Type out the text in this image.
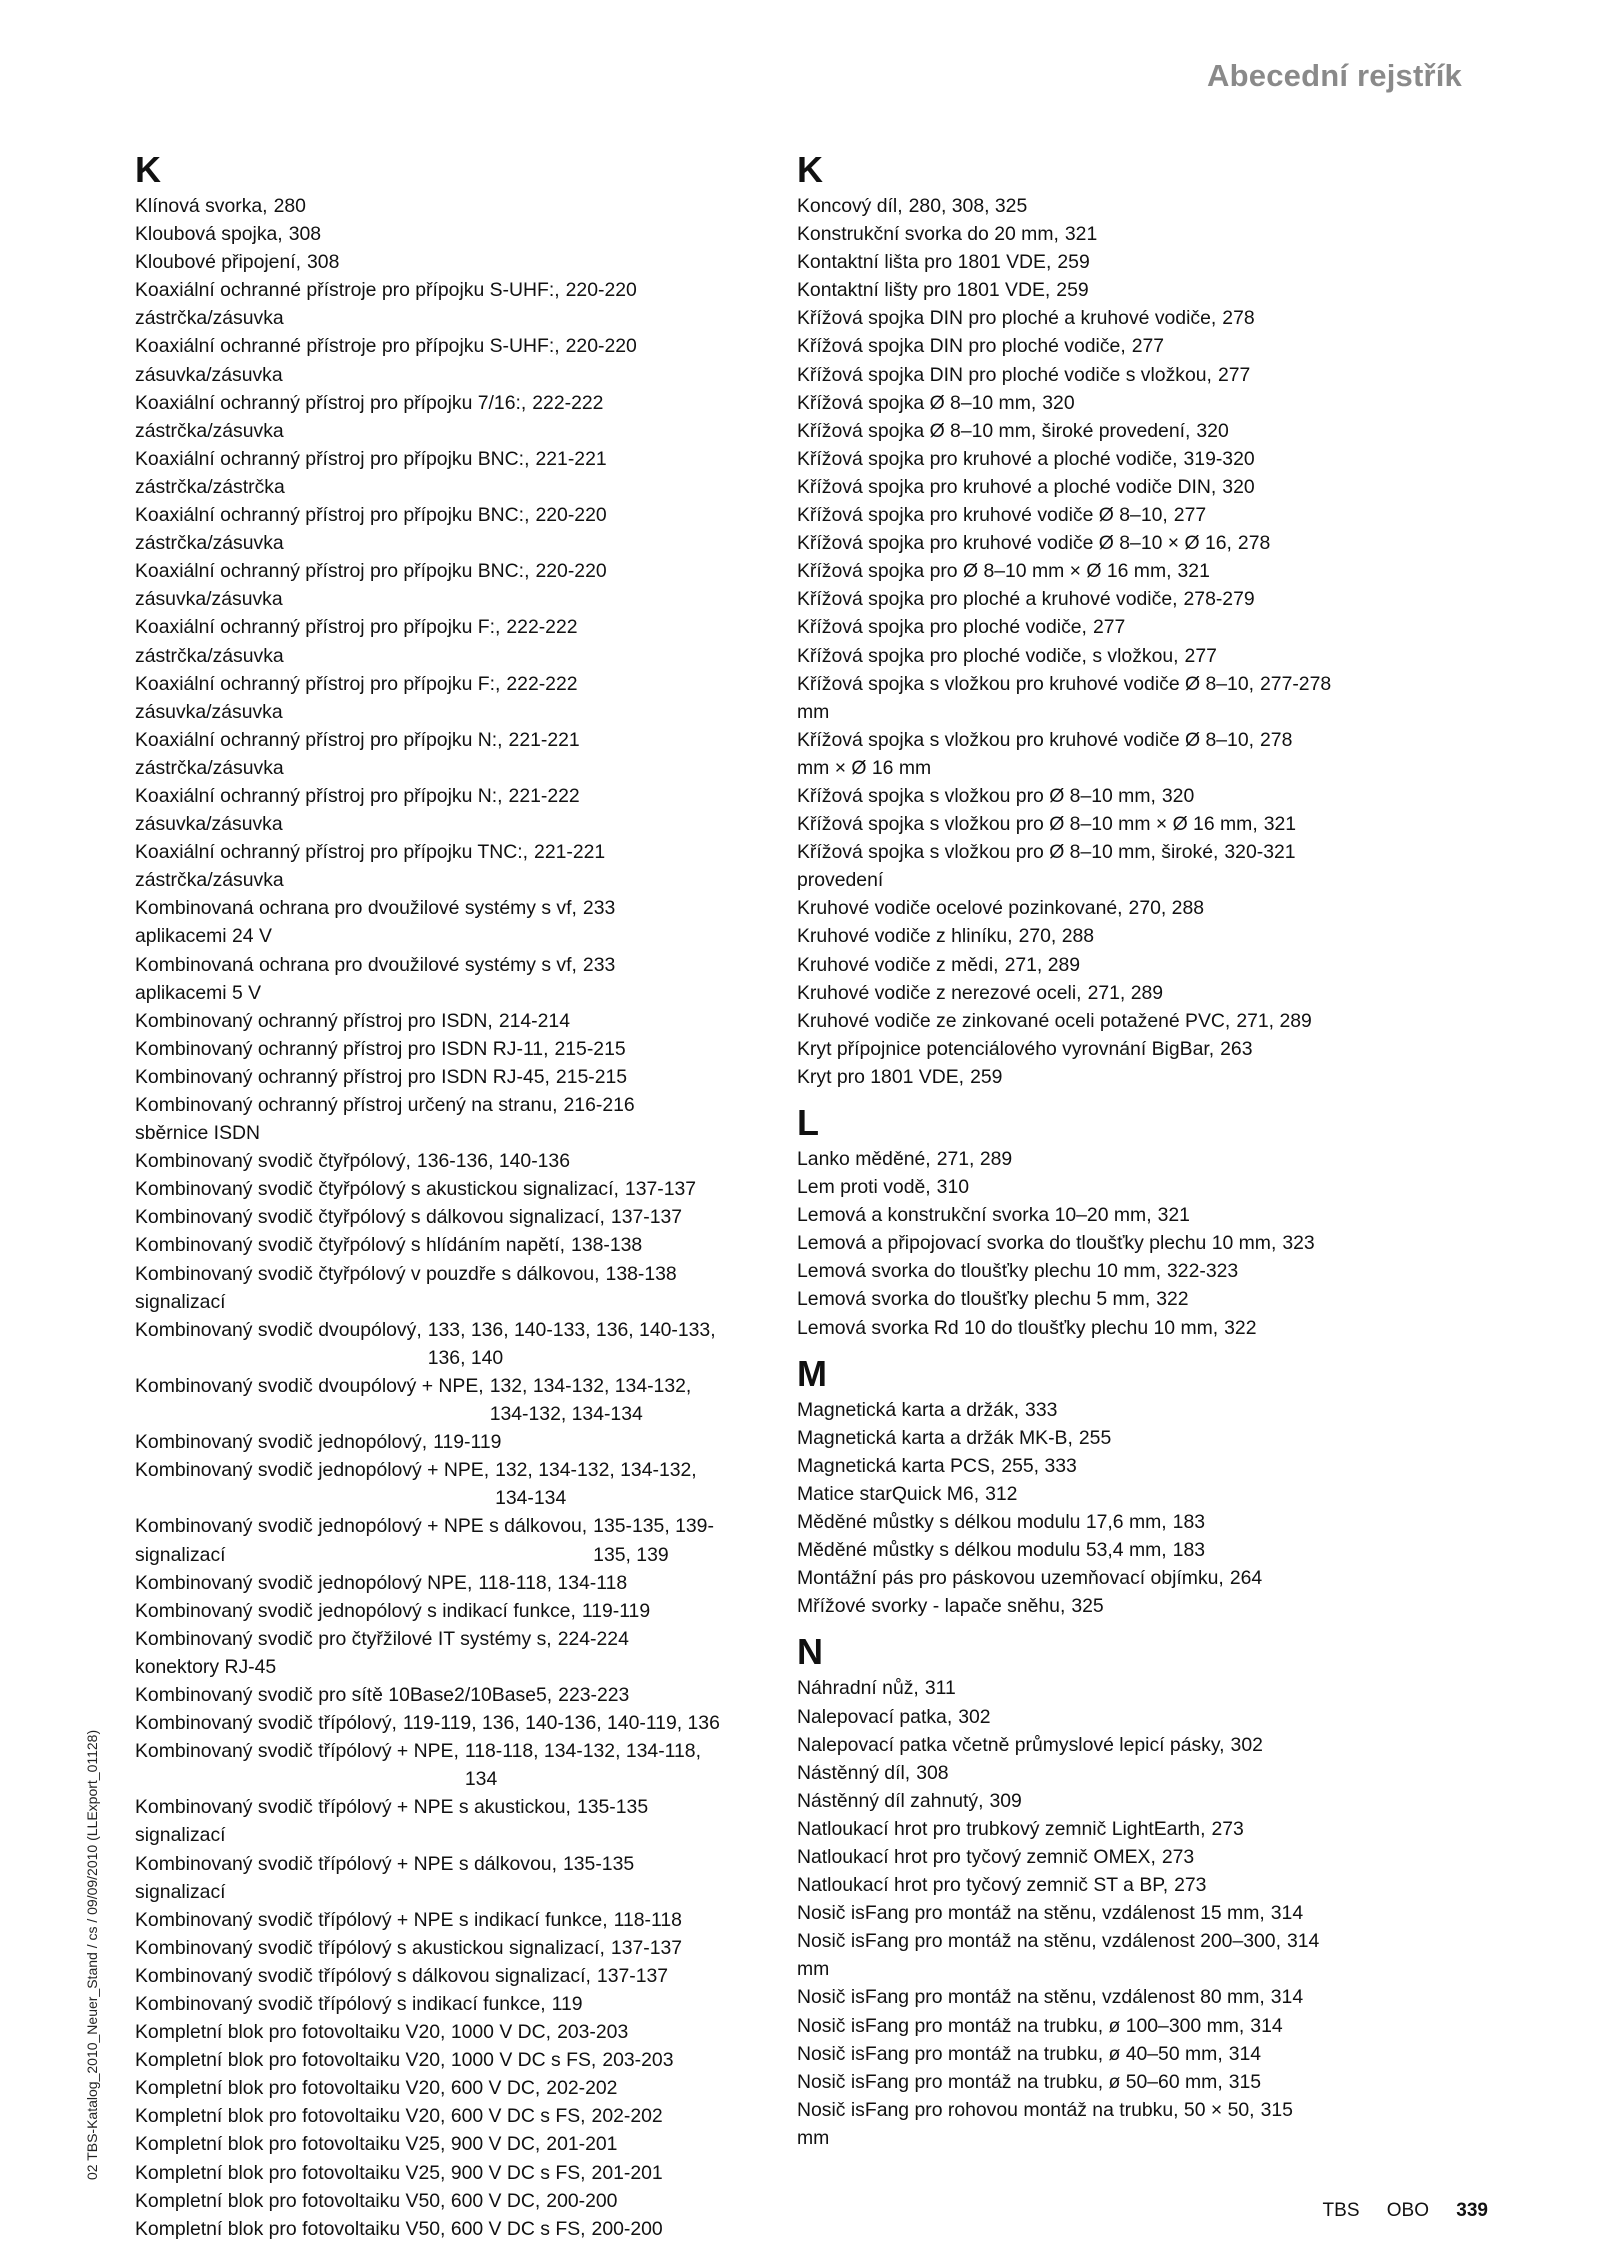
Abecední rejstřík
02 TBS-Katalog_2010_Neuer_Stand / cs / 09/09/2010 (LLExport_01128)
K
Klínová svorka, 280
Kloubová spojka, 308
Kloubové připojení, 308
Koaxiální ochranné přístroje pro přípojku S-UHF:, 220-220
zástrčka/zásuvka
Koaxiální ochranné přístroje pro přípojku S-UHF:, 220-220
zásuvka/zásuvka
Koaxiální ochranný přístroj pro přípojku 7/16:, 222-222
zástrčka/zásuvka
Koaxiální ochranný přístroj pro přípojku BNC:, 221-221
zástrčka/zástrčka
Koaxiální ochranný přístroj pro přípojku BNC:, 220-220
zástrčka/zásuvka
Koaxiální ochranný přístroj pro přípojku BNC:, 220-220
zásuvka/zásuvka
Koaxiální ochranný přístroj pro přípojku F:, 222-222
zástrčka/zásuvka
Koaxiální ochranný přístroj pro přípojku F:, 222-222
zásuvka/zásuvka
Koaxiální ochranný přístroj pro přípojku N:, 221-221
zástrčka/zásuvka
Koaxiální ochranný přístroj pro přípojku N:, 221-222
zásuvka/zásuvka
Koaxiální ochranný přístroj pro přípojku TNC:, 221-221
zástrčka/zásuvka
Kombinovaná ochrana pro dvoužilové systémy s vf, 233
aplikacemi 24 V
Kombinovaná ochrana pro dvoužilové systémy s vf, 233
aplikacemi 5 V
Kombinovaný ochranný přístroj pro ISDN, 214-214
Kombinovaný ochranný přístroj pro ISDN RJ-11, 215-215
Kombinovaný ochranný přístroj pro ISDN RJ-45, 215-215
Kombinovaný ochranný přístroj určený na stranu, 216-216
sběrnice ISDN
Kombinovaný svodič čtyřpólový, 136-136, 140-136
Kombinovaný svodič čtyřpólový s akustickou signalizací, 137-137
Kombinovaný svodič čtyřpólový s dálkovou signalizací, 137-137
Kombinovaný svodič čtyřpólový s hlídáním napětí, 138-138
Kombinovaný svodič čtyřpólový v pouzdře s dálkovou, 138-138
signalizací
Kombinovaný svodič dvoupólový, 133, 136, 140-133, 136, 140-133,
136, 140
Kombinovaný svodič dvoupólový + NPE, 132, 134-132, 134-132,
134-132, 134-134
Kombinovaný svodič jednopólový, 119-119
Kombinovaný svodič jednopólový + NPE, 132, 134-132, 134-132,
134-134
Kombinovaný svodič jednopólový + NPE s dálkovou, 135-135, 139-
signalizací	135, 139
Kombinovaný svodič jednopólový NPE, 118-118, 134-118
Kombinovaný svodič jednopólový s indikací funkce, 119-119
Kombinovaný svodič pro čtyřžilové IT systémy s, 224-224
konektory RJ-45
Kombinovaný svodič pro sítě 10Base2/10Base5, 223-223
Kombinovaný svodič třípólový, 119-119, 136, 140-136, 140-119, 136
Kombinovaný svodič třípólový + NPE, 118-118, 134-132, 134-118,
134
Kombinovaný svodič třípólový + NPE s akustickou, 135-135
signalizací
Kombinovaný svodič třípólový + NPE s dálkovou, 135-135
signalizací
Kombinovaný svodič třípólový + NPE s indikací funkce, 118-118
Kombinovaný svodič třípólový s akustickou signalizací, 137-137
Kombinovaný svodič třípólový s dálkovou signalizací, 137-137
Kombinovaný svodič třípólový s indikací funkce, 119
Kompletní blok pro fotovoltaiku V20, 1000 V DC, 203-203
Kompletní blok pro fotovoltaiku V20, 1000 V DC s FS, 203-203
Kompletní blok pro fotovoltaiku V20, 600 V DC, 202-202
Kompletní blok pro fotovoltaiku V20, 600 V DC s FS, 202-202
Kompletní blok pro fotovoltaiku V25, 900 V DC, 201-201
Kompletní blok pro fotovoltaiku V25, 900 V DC s FS, 201-201
Kompletní blok pro fotovoltaiku V50, 600 V DC, 200-200
Kompletní blok pro fotovoltaiku V50, 600 V DC s FS, 200-200
K
Koncový díl, 280, 308, 325
Konstrukční svorka do 20 mm, 321
Kontaktní lišta pro 1801 VDE, 259
Kontaktní lišty pro 1801 VDE, 259
Křížová spojka DIN pro ploché a kruhové vodiče, 278
Křížová spojka DIN pro ploché vodiče, 277
Křížová spojka DIN pro ploché vodiče s vložkou, 277
Křížová spojka Ø 8–10 mm, 320
Křížová spojka Ø 8–10 mm, široké provedení, 320
Křížová spojka pro kruhové a ploché vodiče, 319-320
Křížová spojka pro kruhové a ploché vodiče DIN, 320
Křížová spojka pro kruhové vodiče Ø 8–10, 277
Křížová spojka pro kruhové vodiče Ø 8–10 × Ø 16, 278
Křížová spojka pro Ø 8–10 mm × Ø 16 mm, 321
Křížová spojka pro ploché a kruhové vodiče, 278-279
Křížová spojka pro ploché vodiče, 277
Křížová spojka pro ploché vodiče, s vložkou, 277
Křížová spojka s vložkou pro kruhové vodiče Ø 8–10, 277-278
mm
Křížová spojka s vložkou pro kruhové vodiče Ø 8–10, 278
mm × Ø 16 mm
Křížová spojka s vložkou pro Ø 8–10 mm, 320
Křížová spojka s vložkou pro Ø 8–10 mm × Ø 16 mm, 321
Křížová spojka s vložkou pro Ø 8–10 mm, široké, 320-321
provedení
Kruhové vodiče ocelové pozinkované, 270, 288
Kruhové vodiče z hliníku, 270, 288
Kruhové vodiče z mědi, 271, 289
Kruhové vodiče z nerezové oceli, 271, 289
Kruhové vodiče ze zinkované oceli potažené PVC, 271, 289
Kryt přípojnice potenciálového vyrovnání BigBar, 263
Kryt pro 1801 VDE, 259
L
Lanko měděné, 271, 289
Lem proti vodě, 310
Lemová a konstrukční svorka 10–20 mm, 321
Lemová a připojovací svorka do tloušťky plechu 10 mm, 323
Lemová svorka do tloušťky plechu 10 mm, 322-323
Lemová svorka do tloušťky plechu 5 mm, 322
Lemová svorka Rd 10 do tloušťky plechu 10 mm, 322
M
Magnetická karta a držák, 333
Magnetická karta a držák MK-B, 255
Magnetická karta PCS, 255, 333
Matice starQuick M6, 312
Měděné můstky s délkou modulu 17,6 mm, 183
Měděné můstky s délkou modulu 53,4 mm, 183
Montážní pás pro páskovou uzemňovací objímku, 264
Mřížové svorky - lapače sněhu, 325
N
Náhradní nůž, 311
Nalepovací patka, 302
Nalepovací patka včetně průmyslové lepicí pásky, 302
Nástěnný díl, 308
Nástěnný díl zahnutý, 309
Natloukací hrot pro trubkový zemnič LightEarth, 273
Natloukací hrot pro tyčový zemnič OMEX, 273
Natloukací hrot pro tyčový zemnič ST a BP, 273
Nosič isFang pro montáž na stěnu, vzdálenost 15 mm, 314
Nosič isFang pro montáž na stěnu, vzdálenost 200–300, 314
mm
Nosič isFang pro montáž na stěnu, vzdálenost 80 mm, 314
Nosič isFang pro montáž na trubku, ø 100–300 mm, 314
Nosič isFang pro montáž na trubku, ø 40–50 mm, 314
Nosič isFang pro montáž na trubku, ø 50–60 mm, 315
Nosič isFang pro rohovou montáž na trubku, 50 × 50, 315
mm
TBS OBO 339
